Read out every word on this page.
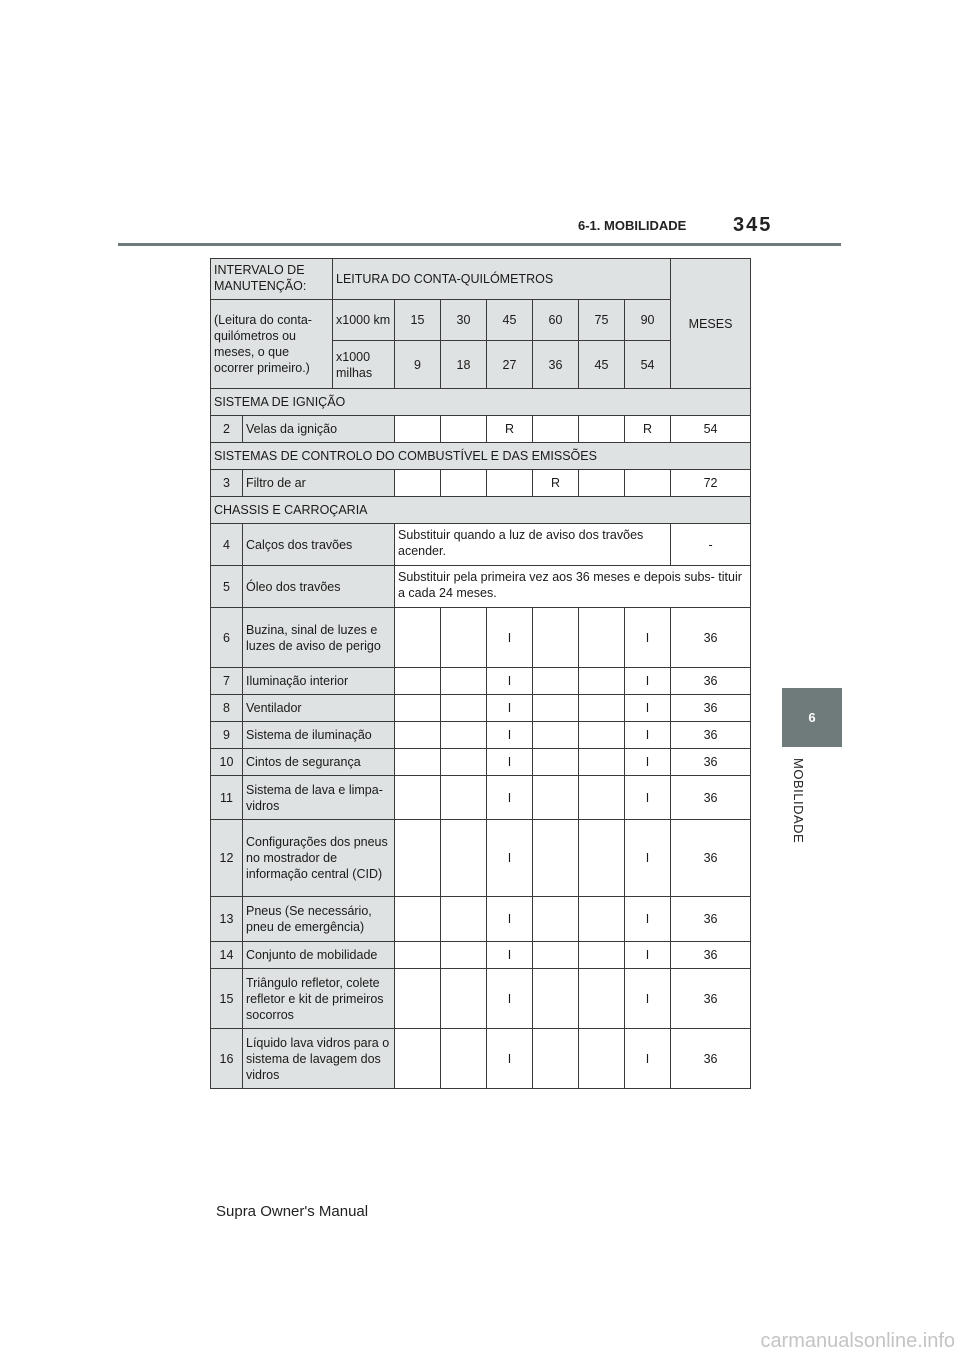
6-1. MOBILIDADE 345
6
MOBILIDADE
INTERVALO DE MANUTENÇÃO:		LEITURA DO CONTA-QUILÓMETROS							MESES
(Leitura do conta-quilómetros ou meses, o que ocorrer primeiro.)		x1000 km	15	30	45	60	75	90	
		x1000 milhas	9	18	27	36	45	54	
SISTEMA DE IGNIÇÃO									
2	Velas da ignição				R			R	54
SISTEMAS DE CONTROLO DO COMBUSTÍVEL E DAS EMISSÕES									
3	Filtro de ar					R			72
CHASSIS E CARROÇARIA									
4	Calços dos travões		Substituir quando a luz de aviso dos travões acender.						-
5	Óleo dos travões		Substituir pela primeira vez aos 36 meses e depois subs- tituir a cada 24 meses.						
6	Buzina, sinal de luzes e luzes de aviso de perigo				I			I	36
7	Iluminação interior				I			I	36
8	Ventilador				I			I	36
9	Sistema de iluminação				I			I	36
10	Cintos de segurança				I			I	36
11	Sistema de lava e limpa-vidros				I			I	36
12	Configurações dos pneus no mostrador de informação central (CID)				I			I	36
13	Pneus (Se necessário, pneu de emergência)				I			I	36
14	Conjunto de mobilidade				I			I	36
15	Triângulo refletor, colete refletor e kit de primeiros socorros				I			I	36
16	Líquido lava vidros para o sistema de lavagem dos vidros				I			I	36
Supra Owner's Manual
carmanualsonline.info
